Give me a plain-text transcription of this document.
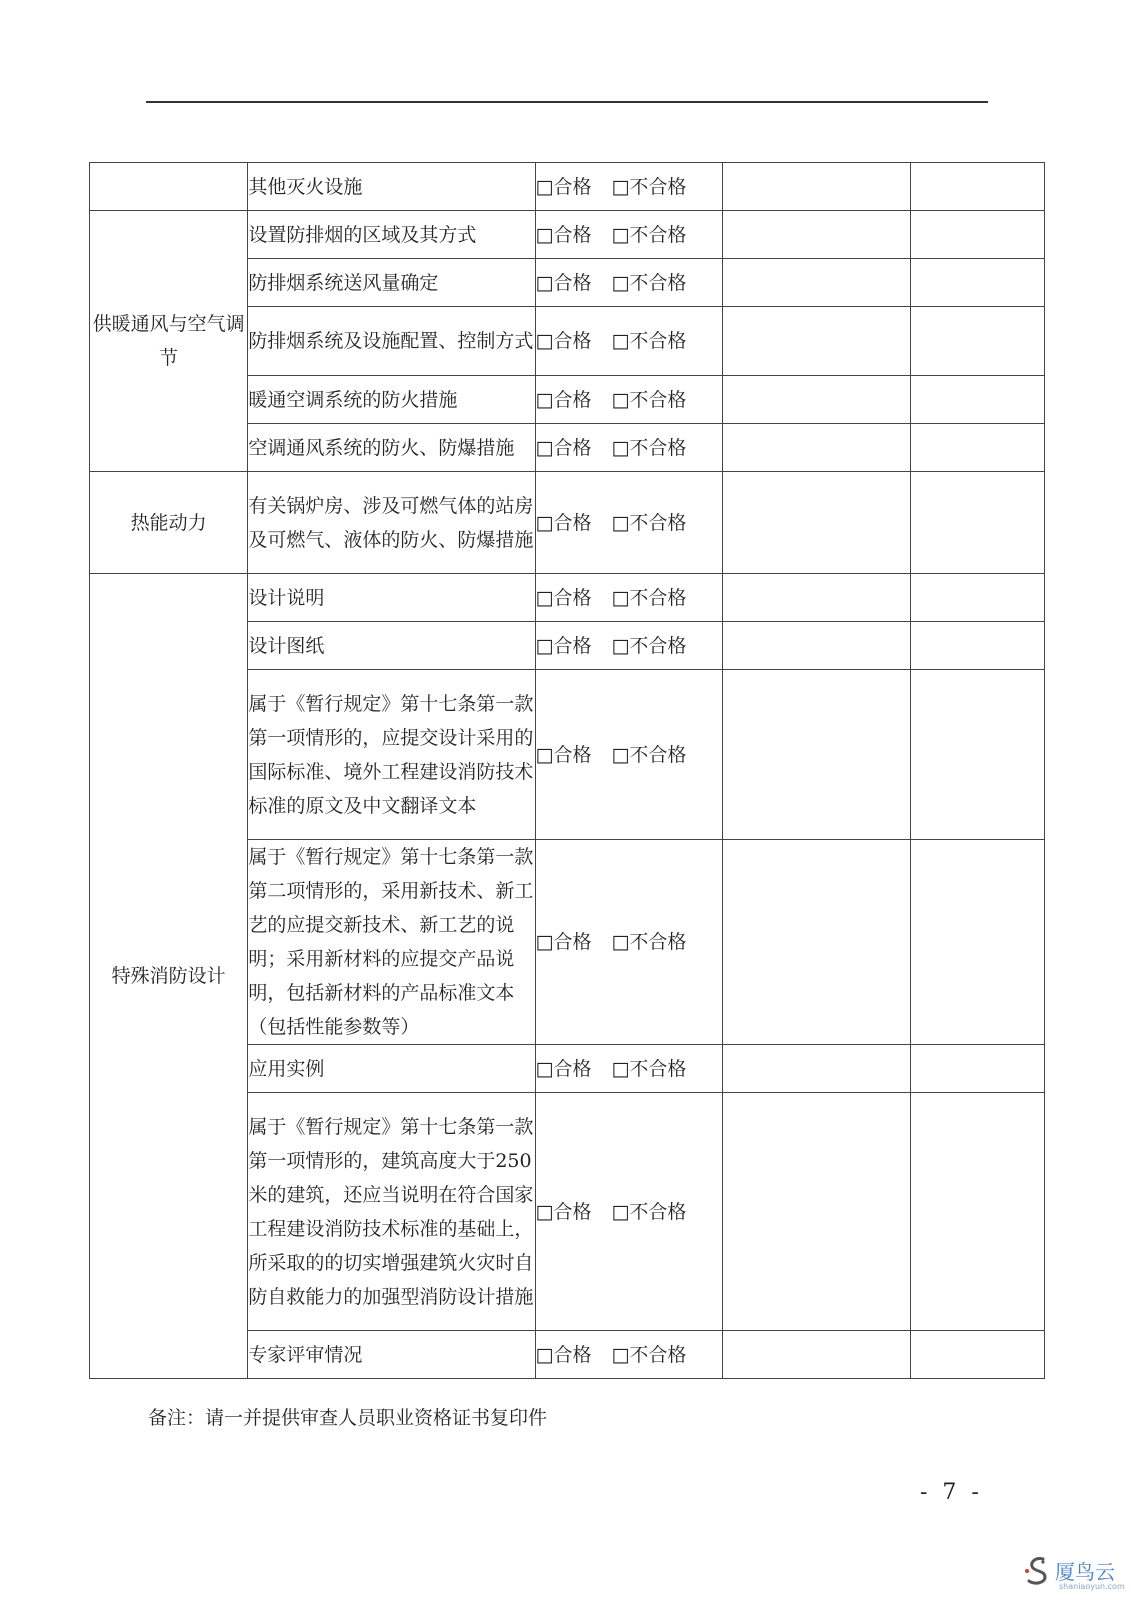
	其他灭火设施	□合格 □不合格		
供暖通风与空气调节	设置防排烟的区域及其方式	□合格 □不合格		
	防排烟系统送风量确定	□合格 □不合格		
	防排烟系统及设施配置、控制方式	□合格 □不合格		
	暖通空调系统的防火措施	□合格 □不合格		
	空调通风系统的防火、防爆措施	□合格 □不合格		
热能动力	有关锅炉房、涉及可燃气体的站房及可燃气、液体的防火、防爆措施	□合格 □不合格		
特殊消防设计	设计说明	□合格 □不合格		
	设计图纸	□合格 □不合格		
	属于《暂行规定》第十七条第一款第一项情形的，应提交设计采用的国际标准、境外工程建设消防技术标准的原文及中文翻译文本	□合格 □不合格		
	属于《暂行规定》第十七条第一款第二项情形的，采用新技术、新工艺的应提交新技术、新工艺的说明；采用新材料的应提交产品说明，包括新材料的产品标准文本（包括性能参数等）	□合格 □不合格		
	应用实例	□合格 □不合格		
	属于《暂行规定》第十七条第一款第一项情形的，建筑高度大于250米的建筑，还应当说明在符合国家工程建设消防技术标准的基础上，所采取的的切实增强建筑火灾时自防自救能力的加强型消防设计措施	□合格 □不合格		
	专家评审情况	□合格 □不合格		
备注：请一并提供审查人员职业资格证书复印件
- 7 -
厦鸟云
shaniaoyun.com
